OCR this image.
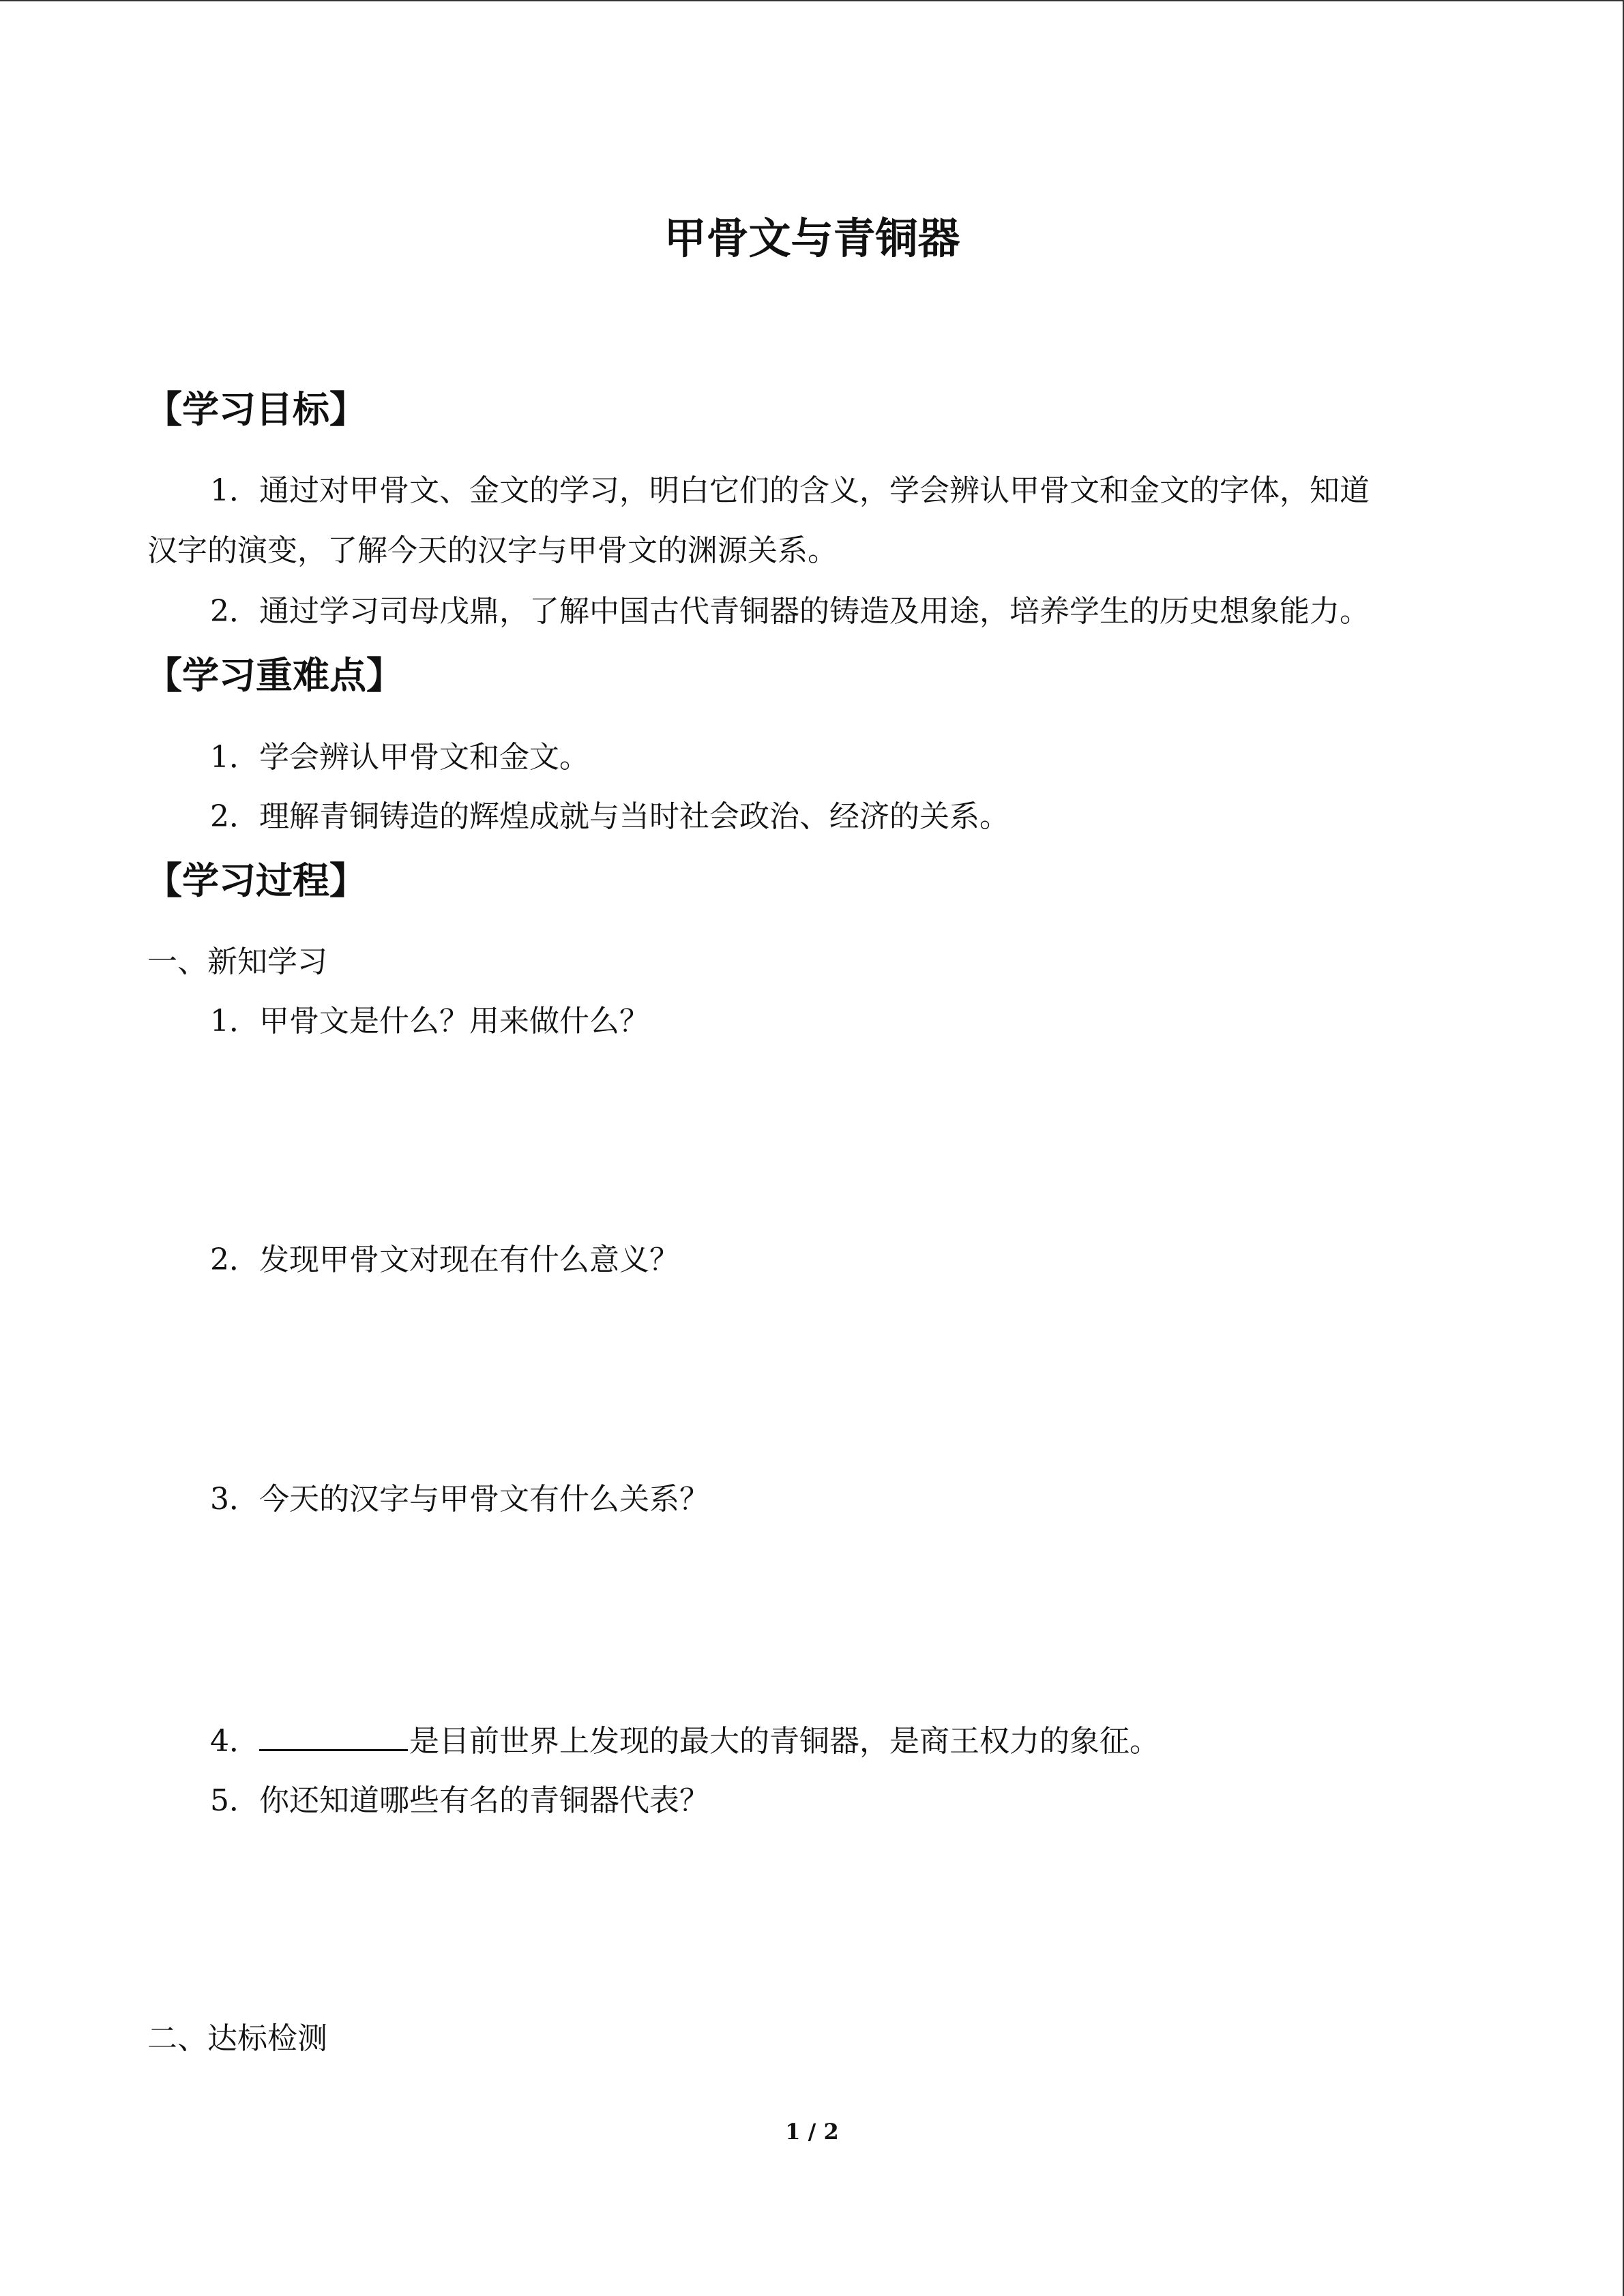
甲骨文与青铜器
【学习目标】
1．通过对甲骨文、金文的学习，明白它们的含义，学会辨认甲骨文和金文的字体，知道
汉字的演变，了解今天的汉字与甲骨文的渊源关系。
2．通过学习司母戊鼎，了解中国古代青铜器的铸造及用途，培养学生的历史想象能力。
【学习重难点】
1．学会辨认甲骨文和金文。
2．理解青铜铸造的辉煌成就与当时社会政治、经济的关系。
【学习过程】
一、新知学习
1．甲骨文是什么？用来做什么？
2．发现甲骨文对现在有什么意义？
3．今天的汉字与甲骨文有什么关系？
4．	是目前世界上发现的最大的青铜器，是商王权力的象征。
5．你还知道哪些有名的青铜器代表？
二、达标检测
1 / 2
